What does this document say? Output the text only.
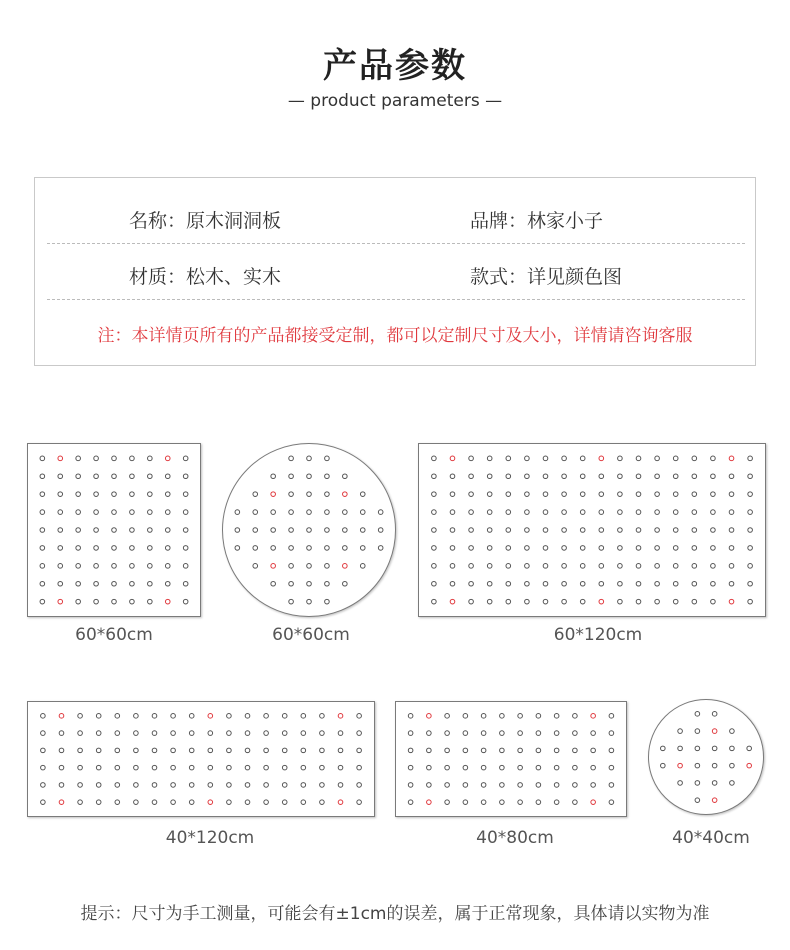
产品参数
— product parameters —
名称：原木洞洞板	品牌：林家小子
材质：松木、实木	款式：详见颜色图
注：本详情页所有的产品都接受定制，都可以定制尺寸及大小，详情请咨询客服
60*60cm	60*60cm	60*120cm
40*120cm	40*80cm	40*40cm
提示：尺寸为手工测量，可能会有±1cm的误差，属于正常现象，具体请以实物为准
